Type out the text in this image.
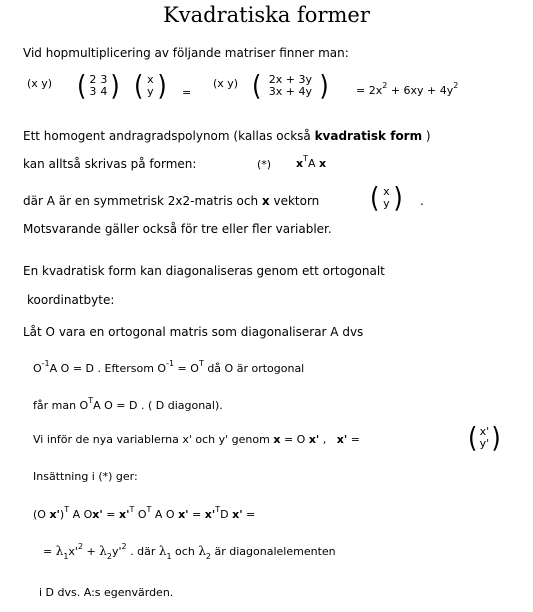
Kvadratiska former
Vid hopmultiplicering av följande matriser finner man:
(x y) ( 2 3
3 4 ) ( x
y ) =
(x y) ( 2x + 3y
3x + 4y ) = $2x^2 + 6xy + 4y^2$
Ett homogent andragradspolynom (kallas också kvadratisk form )
kan alltså skrivas på formen:	(*) $x^TA$ x
där A är en symmetrisk 2x2-matris och x vektorn ( x
y ) .
Motsvarande gäller också för tre eller fler variabler.
En kvadratisk form kan diagonaliseras genom ett ortogonalt
koordinatbyte:
Låt O vara en ortogonal matris som diagonaliserar A dvs
$O^{-1}A$ O = D . Eftersom $O^{-1} = O^T$ då O är ortogonal
får man $O^TA$ O = D . ( D diagonal).
Vi inför de nya variablerna x' och y' genom x = O x' , x' =	( x'
y' )
Insättning i (*) ger:
(O x')$^T$ A $Ox' = x'^T$ $O^T$ A O $x' = x'^TD$ x' =
= $\lambda_1x'^2 + \lambda_2y'^2$ . där $\lambda_1$ och $\lambda_2$ är diagonalelementen
i D dvs. A:s egenvärden.
